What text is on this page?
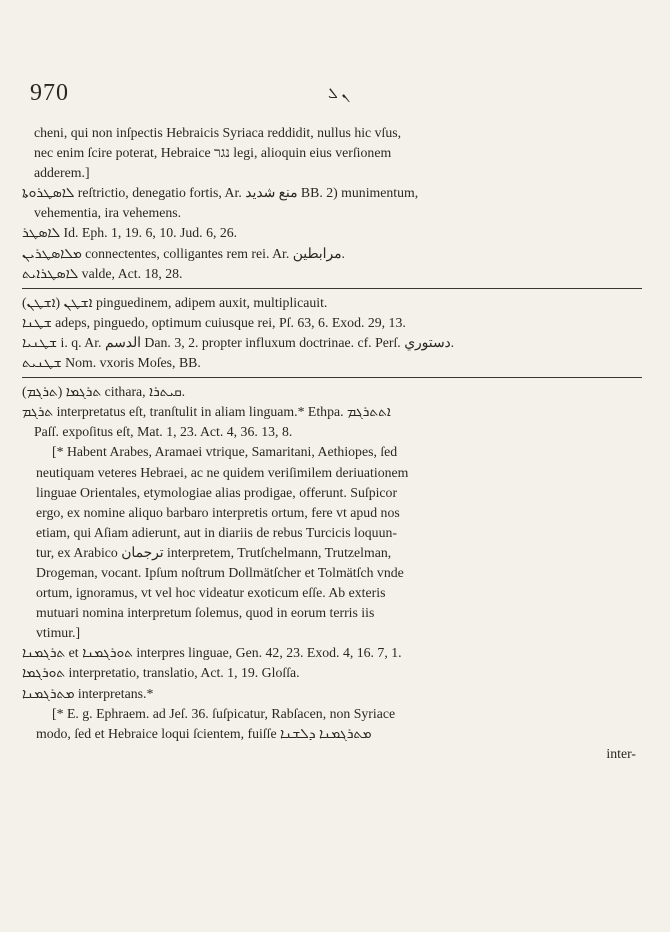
970	ܢ ܠ
cheni, qui non inſpectis Hebraicis Syriaca reddidit, nullus hic vſus,
nec enim ſcire poterat, Hebraice נגר legi, alioquin eius verſionem
adderem.]
ܠܐܣܛܪܘܬܐ reſtrictio, denegatio fortis, Ar. منع شديد BB. 2) munimentum,
vehementia, ira vehemens.
ܠܐܣܛܪ Id. Eph. 1, 19. 6, 10. Jud. 6, 26.
ܡܠܐܣܛܪܝܢ connectentes, colligantes rem rei. Ar. مرابطين.
ܠܐܣܛܪܐܝܬ valde, Act. 18, 28.
(ܐܫܛܢ) ܐܫܛܢ pinguedinem, adipem auxit, multiplicauit.
ܫܛܢܐ adeps, pinguedo, optimum cuiusque rei, Pſ. 63, 6. Exod. 29, 13.
ܫܛܢܝܐ i. q. Ar. الدسم Dan. 3, 2. propter influxum doctrinae. cf. Perſ. دستوري.
ܫܛܢܝܬ Nom. vxoris Moſes, BB.
(ܬܪܓܡ) ܬܪܓܡܐ cithara, ܩܝܬܪܐ.
ܬܪܓܡ interpretatus eſt, tranſtulit in aliam linguam.* Ethpa. ܐܬܬܪܓܡ
Paſſ. expoſitus eſt, Mat. 1, 23. Act. 4, 36. 13, 8.
[* Habent Arabes, Aramaei vtrique, Samaritani, Aethiopes, ſed
neutiquam veteres Hebraei, ac ne quidem veriſimilem deriuationem
linguae Orientales, etymologiae alias prodigae, offerunt. Suſpicor
ergo, ex nomine aliquo barbaro interpretis ortum, fere vt apud nos
etiam, qui Aſiam adierunt, aut in diariis de rebus Turcicis loquun-
tur, ex Arabico ترجمان interpretem, Trutſchelmann, Trutzelman,
Drogeman, vocant. Ipſum noſtrum Dollmätſcher et Tolmätſch vnde
ortum, ignoramus, vt vel hoc videatur exoticum eſſe. Ab exteris
mutuari nomina interpretum ſolemus, quod in eorum terris iis
vtimur.]
ܬܪܓܡܢܐ et ܬܘܪܓܡܢܐ interpres linguae, Gen. 42, 23. Exod. 4, 16. 7, 1.
ܬܘܪܓܡܐ interpretatio, translatio, Act. 1, 19. Gloſſa.
ܡܬܪܓܡܢܐ interpretans.*
[* E. g. Ephraem. ad Jeſ. 36. ſuſpicatur, Rabſacen, non Syriace
modo, ſed et Hebraice loqui ſcientem, fuiſſe ܡܬܪܓܡܢܐ ܕܠܫܢܐ
inter-
